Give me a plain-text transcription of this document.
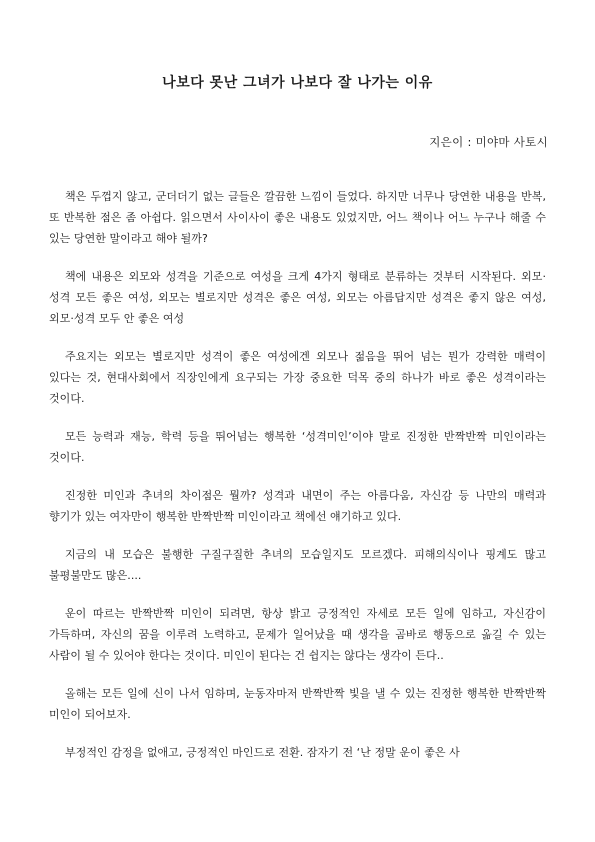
나보다 못난 그녀가 나보다 잘 나가는 이유
지은이 : 미야마 사토시

책은 두껍지 않고, 군더더기 없는 글들은 깔끔한 느낌이 들었다. 하지만 너무나 당연한 내용을 반복, 또 반복한 점은 좀 아쉽다. 읽으면서 사이사이 좋은 내용도 있었지만, 어느 책이나 어느 누구나 해줄 수 있는 당연한 말이라고 해야 될까?

책에 내용은 외모와 성격을 기준으로 여성을 크게 4가지 형태로 분류하는 것부터 시작된다. 외모·성격 모든 좋은 여성, 외모는 별로지만 성격은 좋은 여성, 외모는 아름답지만 성격은 좋지 않은 여성, 외모·성격 모두 안 좋은 여성

주요지는 외모는 별로지만 성격이 좋은 여성에겐 외모나 젊음을 뛰어 넘는 뭔가 강력한 매력이 있다는 것, 현대사회에서 직장인에게 요구되는 가장 중요한 덕목 중의 하나가 바로 좋은 성격이라는 것이다.

모든 능력과 재능, 학력 등을 뛰어넘는 행복한 ‘성격미인’이야 말로 진정한 반짝반짝 미인이라는 것이다.

진정한 미인과 추녀의 차이점은 뭘까? 성격과 내면이 주는 아름다움, 자신감 등 나만의 매력과 향기가 있는 여자만이 행복한 반짝반짝 미인이라고 책에선 얘기하고 있다.

지금의 내 모습은 불행한 구질구질한 추녀의 모습일지도 모르겠다. 피해의식이나 핑계도 많고 불평불만도 많은....

운이 따르는 반짝반짝 미인이 되려면, 항상 밝고 긍정적인 자세로 모든 일에 임하고, 자신감이 가득하며, 자신의 꿈을 이루려 노력하고, 문제가 일어났을 때 생각을 곰바로 행동으로 옮길 수 있는 사람이 될 수 있어야 한다는 것이다. 미인이 된다는 건 쉽지는 않다는 생각이 든다..

올해는 모든 일에 신이 나서 임하며, 눈동자마저 반짝반짝 빛을 낼 수 있는 진정한 행복한 반짝반짝 미인이 되어보자.

부정적인 감정을 없애고, 긍정적인 마인드로 전환. 잠자기 전 ‘난 정말 운이 좋은 사
